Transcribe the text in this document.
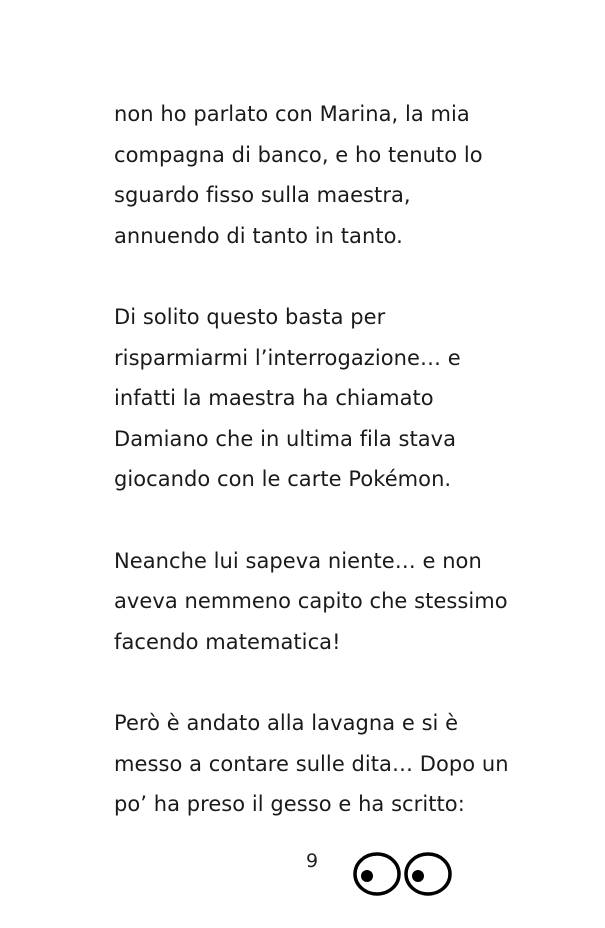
non ho parlato con Marina, la mia
compagna di banco, e ho tenuto lo
sguardo fisso sulla maestra,
annuendo di tanto in tanto.

Di solito questo basta per
risparmiarmi l’interrogazione… e
infatti la maestra ha chiamato
Damiano che in ultima fila stava
giocando con le carte Pokémon.

Neanche lui sapeva niente… e non
aveva nemmeno capito che stessimo
facendo matematica!

Però è andato alla lavagna e si è
messo a contare sulle dita… Dopo un
po’ ha preso il gesso e ha scritto:

9
